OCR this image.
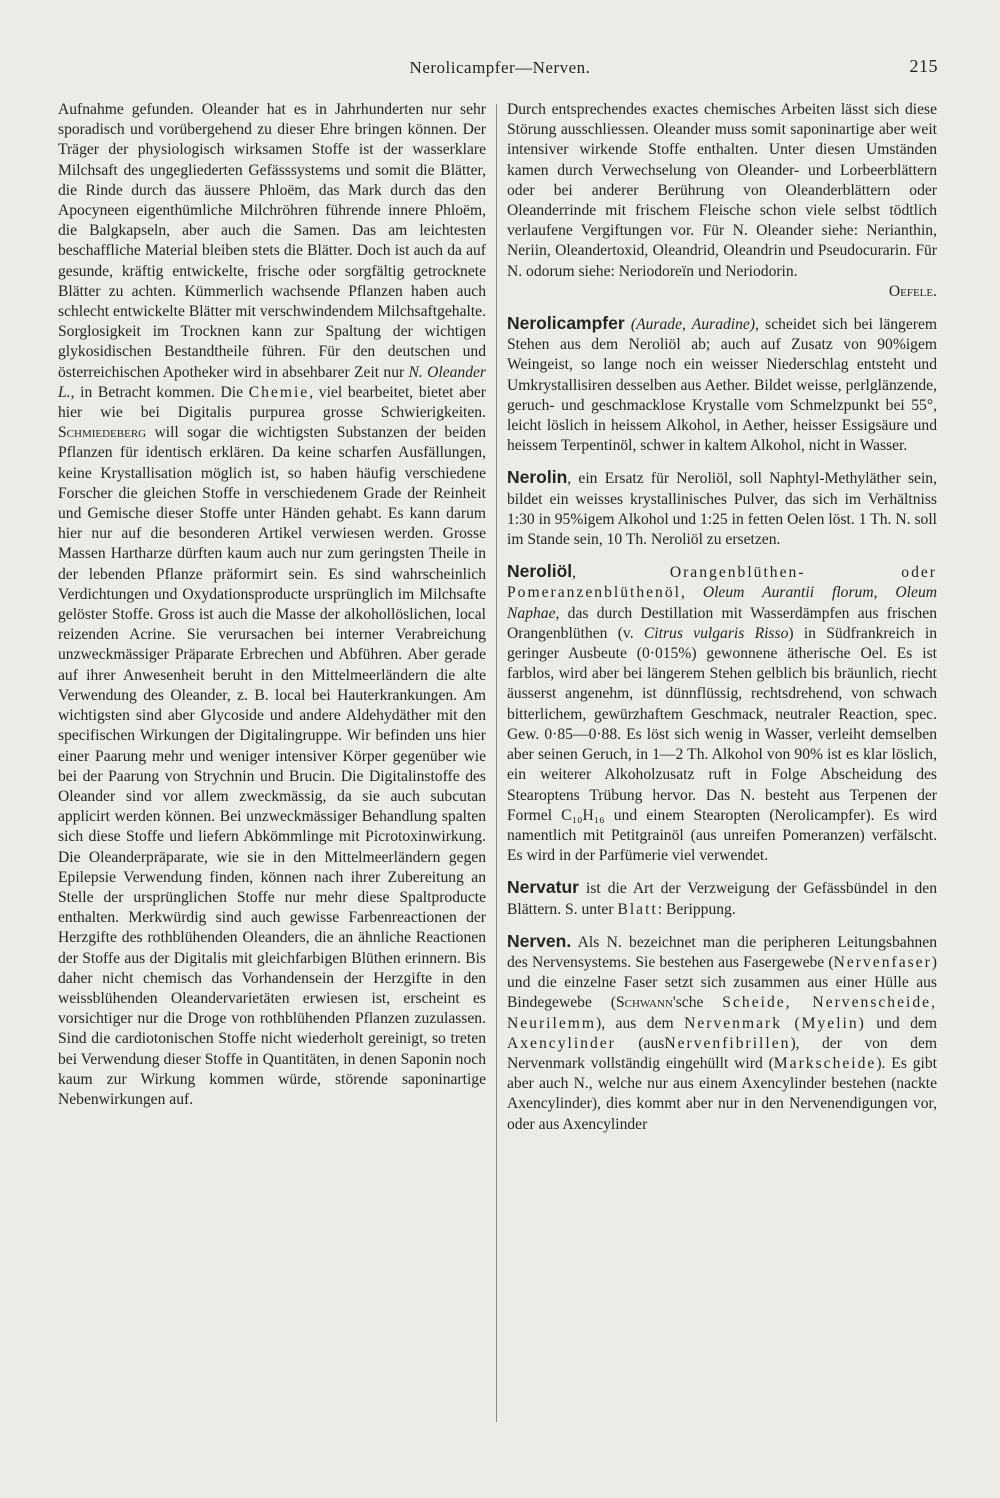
Nerolicampfer—Nerven.	215

Aufnahme gefunden. Oleander hat es in Jahrhunderten nur sehr sporadisch und vorübergehend zu dieser Ehre bringen können. Der Träger der physiologisch wirksamen Stoffe ist der wasserklare Milchsaft des ungegliederten Gefässsystems und somit die Blätter, die Rinde durch das äussere Phloëm, das Mark durch das den Apocyneen eigenthümliche Milchröhren führende innere Phloëm, die Balgkapseln, aber auch die Samen. Das am leichtesten beschaffliche Material bleiben stets die Blätter. Doch ist auch da auf gesunde, kräftig entwickelte, frische oder sorgfältig getrocknete Blätter zu achten. Kümmerlich wachsende Pflanzen haben auch schlecht entwickelte Blätter mit verschwindendem Milchsaftgehalte. Sorglosigkeit im Trocknen kann zur Spaltung der wichtigen glykosidischen Bestandtheile führen. Für den deutschen und österreichischen Apotheker wird in absehbarer Zeit nur N. Oleander L., in Betracht kommen. Die Chemie, viel bearbeitet, bietet aber hier wie bei Digitalis purpurea grosse Schwierigkeiten. Schmiedeberg will sogar die wichtigsten Substanzen der beiden Pflanzen für identisch erklären. Da keine scharfen Ausfällungen, keine Krystallisation möglich ist, so haben häufig verschiedene Forscher die gleichen Stoffe in verschiedenem Grade der Reinheit und Gemische dieser Stoffe unter Händen gehabt. Es kann darum hier nur auf die besonderen Artikel verwiesen werden. Grosse Massen Hartharze dürften kaum auch nur zum geringsten Theile in der lebenden Pflanze präformirt sein. Es sind wahrscheinlich Verdichtungen und Oxydationsproducte ursprünglich im Milchsafte gelöster Stoffe. Gross ist auch die Masse der alkohollöslichen, local reizenden Acrine. Sie verursachen bei interner Verabreichung unzweckmässiger Präparate Erbrechen und Abführen. Aber gerade auf ihrer Anwesenheit beruht in den Mittelmeerländern die alte Verwendung des Oleander, z. B. local bei Hauterkrankungen. Am wichtigsten sind aber Glycoside und andere Aldehydäther mit den specifischen Wirkungen der Digitalingruppe. Wir befinden uns hier einer Paarung mehr und weniger intensiver Körper gegenüber wie bei der Paarung von Strychnin und Brucin. Die Digitalinstoffe des Oleander sind vor allem zweckmässig, da sie auch subcutan applicirt werden können. Bei unzweckmässiger Behandlung spalten sich diese Stoffe und liefern Abkömmlinge mit Picrotoxinwirkung. Die Oleanderpräparate, wie sie in den Mittelmeerländern gegen Epilepsie Verwendung finden, können nach ihrer Zubereitung an Stelle der ursprünglichen Stoffe nur mehr diese Spaltproducte enthalten. Merkwürdig sind auch gewisse Farbenreactionen der Herzgifte des rothblühenden Oleanders, die an ähnliche Reactionen der Stoffe aus der Digitalis mit gleichfarbigen Blüthen erinnern. Bis daher nicht chemisch das Vorhandensein der Herzgifte in den weissblühenden Oleandervarietäten erwiesen ist, erscheint es vorsichtiger nur die Droge von rothblühenden Pflanzen zuzulassen. Sind die cardiotonischen Stoffe nicht wiederholt gereinigt, so treten bei Verwendung dieser Stoffe in Quantitäten, in denen Saponin noch kaum zur Wirkung kommen würde, störende saponinartige Nebenwirkungen auf.

Durch entsprechendes exactes chemisches Arbeiten lässt sich diese Störung ausschliessen. Oleander muss somit saponinartige aber weit intensiver wirkende Stoffe enthalten. Unter diesen Umständen kamen durch Verwechselung von Oleander- und Lorbeerblättern oder bei anderer Berührung von Oleanderblättern oder Oleanderrinde mit frischem Fleische schon viele selbst tödtlich verlaufene Vergiftungen vor. Für N. Oleander siehe: Nerianthin, Neriin, Oleandertoxid, Oleandrid, Oleandrin und Pseudocurarin. Für N. odorum siehe: Neriodoreïn und Neriodorin.
Oefele.

Nerolicampfer (Aurade, Auradine), scheidet sich bei längerem Stehen aus dem Neroliöl ab; auch auf Zusatz von 90%igem Weingeist, so lange noch ein weisser Niederschlag entsteht und Umkrystallisiren desselben aus Aether. Bildet weisse, perlglänzende, geruch- und geschmacklose Krystalle vom Schmelzpunkt bei 55°, leicht löslich in heissem Alkohol, in Aether, heisser Essigsäure und heissem Terpentinöl, schwer in kaltem Alkohol, nicht in Wasser.

Nerolin, ein Ersatz für Neroliöl, soll Naphtyl-Methyläther sein, bildet ein weisses krystallinisches Pulver, das sich im Verhältniss 1:30 in 95%igem Alkohol und 1:25 in fetten Oelen löst. 1 Th. N. soll im Stande sein, 10 Th. Neroliöl zu ersetzen.

Neroliöl, Orangenblüthen- oder Pomeranzenblüthenöl, Oleum Aurantii florum, Oleum Naphae, das durch Destillation mit Wasserdämpfen aus frischen Orangenblüthen (v. Citrus vulgaris Risso) in Südfrankreich in geringer Ausbeute (0·015%) gewonnene ätherische Oel. Es ist farblos, wird aber bei längerem Stehen gelblich bis bräunlich, riecht äusserst angenehm, ist dünnflüssig, rechtsdrehend, von schwach bitterlichem, gewürzhaftem Geschmack, neutraler Reaction, spec. Gew. 0·85—0·88. Es löst sich wenig in Wasser, verleiht demselben aber seinen Geruch, in 1—2 Th. Alkohol von 90% ist es klar löslich, ein weiterer Alkoholzusatz ruft in Folge Abscheidung des Stearoptens Trübung hervor. Das N. besteht aus Terpenen der Formel C₁₀H₁₆ und einem Stearopten (Nerolicampfer). Es wird namentlich mit Petitgrainöl (aus unreifen Pomeranzen) verfälscht. Es wird in der Parfümerie viel verwendet.

Nervatur ist die Art der Verzweigung der Gefässbündel in den Blättern. S. unter Blatt: Berippung.

Nerven. Als N. bezeichnet man die peripheren Leitungsbahnen des Nervensystems. Sie bestehen aus Fasergewebe (Nervenfaser) und die einzelne Faser setzt sich zusammen aus einer Hülle aus Bindegewebe (Schwann'sche Scheide, Nervenscheide, Neurilemm), aus dem Nervenmark (Myelin) und dem Axencylinder (ausNervenfibrillen), der von dem Nervenmark vollständig eingehüllt wird (Markscheide). Es gibt aber auch N., welche nur aus einem Axencylinder bestehen (nackte Axencylinder), dies kommt aber nur in den Nervenendigungen vor, oder aus Axencylinder
